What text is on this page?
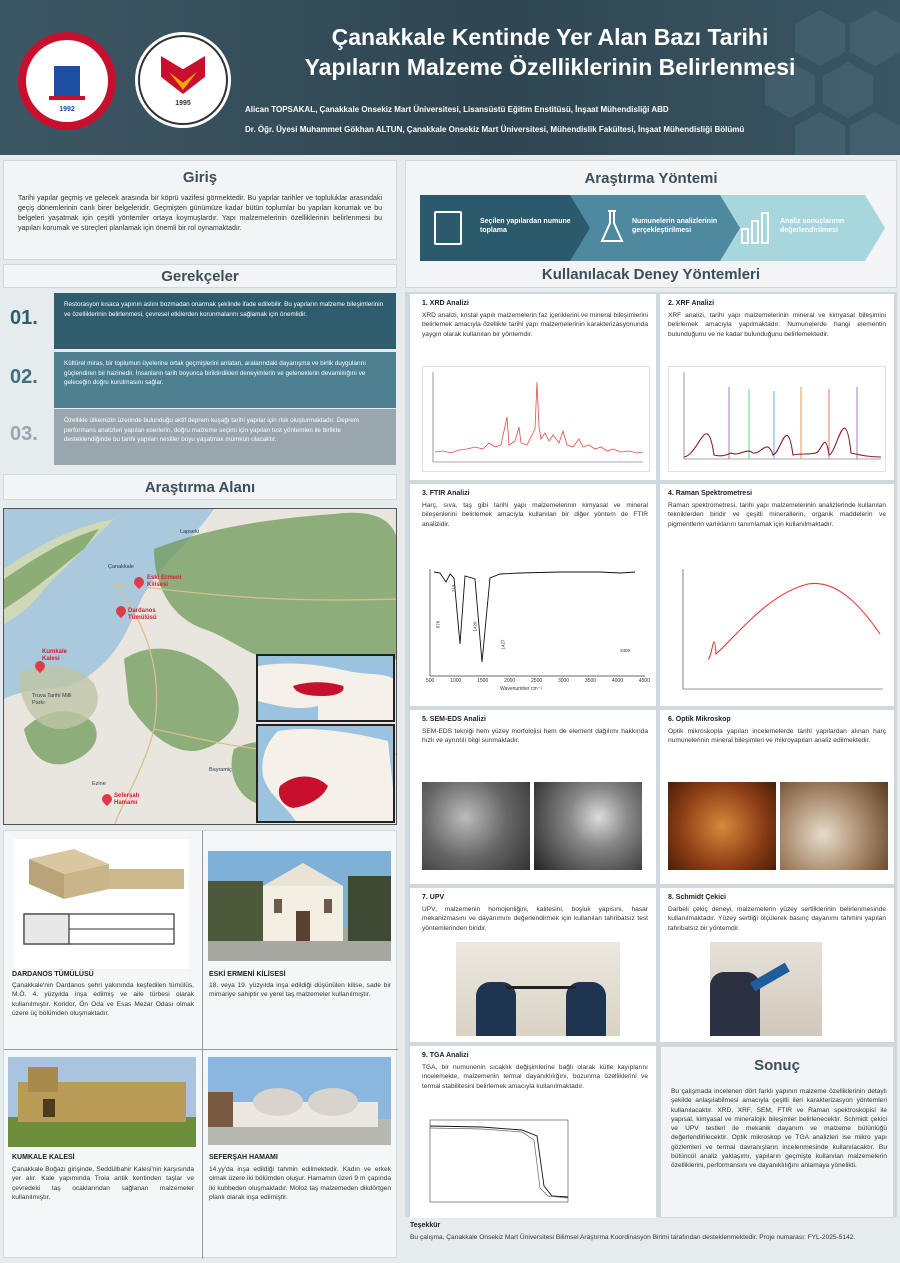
1992
1995
Çanakkale Kentinde Yer Alan Bazı Tarihi
Yapıların Malzeme Özelliklerinin Belirlenmesi
Alican TOPSAKAL, Çanakkale Onsekiz Mart Üniversitesi, Lisansüstü Eğitim Enstitüsü, İnşaat Mühendisliği ABD
Dr. Öğr. Üyesi Muhammet Gökhan ALTUN, Çanakkale Onsekiz Mart Üniversitesi, Mühendislik Fakültesi, İnşaat Mühendisliği Bölümü
Giriş
Tarihi yapılar geçmiş ve gelecek arasında bir köprü vazifesi görmektedir. Bu yapılar tarihler ve topluluklar arasındaki geçiş dönemlerinin canlı birer belgeleridir. Geçmişten günümüze kadar bütün toplumlar bu yapıları korumak ve bu belgeleri yaşatmak için çeşitli yöntemler ortaya koymuşlardır. Yapı malzemelerinin özelliklerinin belirlenmesi bu yapıları korumak ve süreçleri planlamak için önemli bir rol oynamaktadır.
Gerekçeler
01.
Restorasyon kısaca yapının aslını bozmadan onarmak şeklinde ifade edilebilir. Bu yapıların malzeme bileşimlerinin ve özelliklerinin belirlenmesi, çevresel etkilerden korunmalarını sağlamak için önemlidir.
02.
Kültürel miras, bir toplumun üyelerine ortak geçmişlerini anlatan, aralarındaki dayanışma ve birlik duygularını güçlendiren bir hazinedir. İnsanların tarih boyunca biriktirdikleri deneyimlerin ve geleneklerin devamlılığını ve geleceğin doğru kurulmasını sağlar.
03.
Özellikle ülkemizin üzerinde bulunduğu aktif deprem kuşağı tarihi yapılar için risk oluşturmaktadır. Deprem performans analizleri yapılan eserlerin, doğru malzeme seçimi için yapılan test yöntemleri ile birlikte desteklendiğinde bu tarihi yapıları nesiller boyu yaşatmak mümkün olacaktır.
Araştırma Alanı
Çanakkale
Eski Ermeni Kilisesi
Dardanos Tümülüsü
Kumkale Kalesi
Truva Tarihi Milli Parkı
Ezine
Seferşah Hamamı
Bayramiç
Lapseki
DARDANOS TÜMÜLÜSÜ
Çanakkale'nin Dardanos şehri yakınında keşfedilen tümülüs, M.Ö. 4. yüzyılda inşa edilmiş ve aile türbesi olarak kullanılmıştır. Koridor, Ön Oda ve Esas Mezar Odası olmak üzere üç bölümden oluşmaktadır.
ESKİ ERMENİ KİLİSESİ
18. veya 19. yüzyılda inşa edildiği düşünülen kilise, sade bir mimariye sahiptir ve yerel taş malzemeler kullanılmıştır.
KUMKALE KALESİ
Çanakkale Boğazı girişinde, Seddülbahir Kalesi'nin karşısında yer alır. Kale yapımında Troia antik kentinden taşlar ve çevredeki taş ocaklarından sağlanan malzemeler kullanılmıştır.
SEFERŞAH HAMAMI
14.yy'da inşa edildiği tahmin edilmektedir. Kadın ve erkek olmak üzere iki bölümden oluşur. Hamamın üzeri 9 m çapında iki kubbeden oluşmaktadır. Moloz taş malzemeden dikdörtgen planlı olarak inşa edilmiştir.
Araştırma Yöntemi
Seçilen yapılardan numune toplama
Numunelerin analizlerinin gerçekleştirilmesi
Analiz sonuçlarının değerlendirilmesi
Kullanılacak Deney Yöntemleri
1. XRD Analizi
XRD analizi, kristal yapılı malzemelerin faz içeriklerini ve mineral bileşimlerini belirlemek amacıyla özellikle tarihi yapı malzemelerinin karakterizasyonunda yaygın olarak kullanılan bir yöntemdir.
2. XRF Analizi
XRF analizi, tarihi yapı malzemelerinin mineral ve kimyasal bileşimini belirlemek amacıyla yapılmaktadır. Numunelerde hangi elementin bulunduğunu ve ne kadar bulunduğunu belirlemektedir.
3. FTIR Analizi
Harç, sıva, taş gibi tarihi yapı malzemelerinin kimyasal ve mineral bileşenlerini belirlemek amacıyla kullanılan bir diğer yöntem de FTIR analizidir.
876	1420
1427
713
3409
500	1000	1500	2000	2500	3000	3500	4000	4500
Wavenumber cm⁻¹
4. Raman Spektrometresi
Raman spektrometresi, tarihi yapı malzemelerinin analizlerinde kullanılan tekniklerden biridir ve çeşitli minerallerin, organik maddelerin ve pigmentlerin varlıklarını tanımlamak için kullanılmaktadır.
5. SEM-EDS Analizi
SEM-EDS tekniği hem yüzey morfolojisi hem de element dağılımı hakkında hızlı ve ayrıntılı bilgi sunmaktadır.
6. Optik Mikroskop
Optik mikroskopla yapılan incelemelerde tarihi yapılardan alınan harç numunelerinin mineral bileşimleri ve mikroyapıları analiz edilmektedir.
7. UPV
UPV, malzemenin homojenliğini, kalitesini, boşluk yapısını, hasar mekanizmasını ve dayanımını değerlendirmek için kullanılan tahribatsız test yöntemlerinden biridir.
8. Schmidt Çekici
Darbeli çekiç deneyi, malzemelerin yüzey sertliklerinin belirlenmesinde kullanılmaktadır. Yüzey sertliği ölçülerek basınç dayanımı tahmini yapılan tahribatsız bir yöntemdir.
9. TGA Analizi
TGA, bir numunenin sıcaklık değişimlerine bağlı olarak kütle kayıplarını incelemekte, malzemenin termal dayanıklılığını, bozunma özelliklerini ve termal stabilitesini belirlemek amacıyla kullanılmaktadır.
Sonuç
Bu çalışmada incelenen dört farklı yapının malzeme özelliklerinin detaylı şekilde anlaşılabilmesi amacıyla çeşitli ileri karakterizasyon yöntemleri kullanılacaktır. XRD, XRF, SEM, FTIR ve Raman spektroskopisi ile yapısal, kimyasal ve mineralojik bileşimler belirlenecektir. Schmidt çekici ve UPV testleri ile mekanik dayanım ve malzeme bütünlüğü değerlendirilecektir. Optik mikroskop ve TGA analizleri ise mikro yapı gözlemleri ve termal davranışların incelenmesinde kullanılacaktır. Bu bütüncül analiz yaklaşımı, yapıların geçmişte kullanılan malzemelerin özelliklerini, performansını ve dayanıklılığını anlamaya yönelikti.
Teşekkür
Bu çalışma, Çanakkale Onsekiz Mart Üniversitesi Bilimsel Araştırma Koordinasyon Birimi tarafından desteklenmektedir. Proje numarası: FYL-2025-5142.
